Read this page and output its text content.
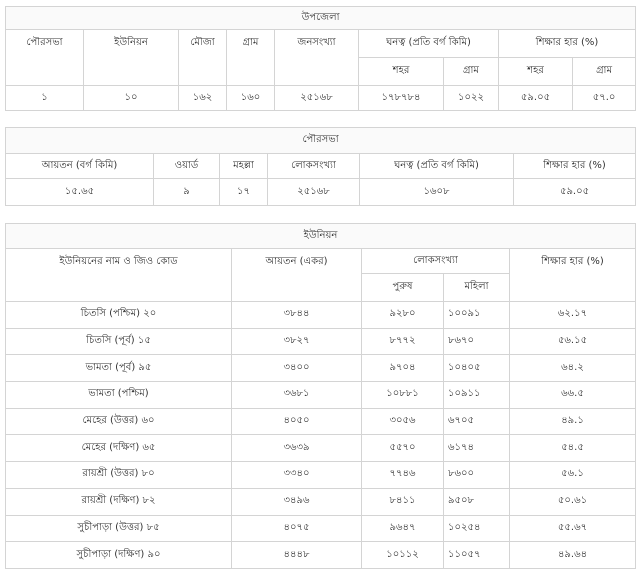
উপজেলা								
পৌরসভা	ইউনিয়ন	মৌজা	গ্রাম	জনসংখ্যা	ঘনত্ব (প্রতি বর্গ কিমি)		শিক্ষার হার (%)	
					শহর	গ্রাম	শহর	গ্রাম
১	১০	১৬২	১৬০	২৫১৬৮	১৭৮৭৮৪	১০২২	৫৯.০৫	৫৭.০
পৌরসভা					
আয়তন (বর্গ কিমি)	ওয়ার্ড	মহল্লা	লোকসংখ্যা	ঘনত্ব (প্রতি বর্গ কিমি)	শিক্ষার হার (%)
১৫.৬৫	৯	১৭	২৫১৬৮	১৬০৮	৫৯.০৫
ইউনিয়ন				
ইউনিয়নের নাম ও জিও কোড	আয়তন (একর)	লোকসংখ্যা		শিক্ষার হার (%)
		পুরুষ	মহিলা	
চিতসি (পশ্চিম) ২০	৩৮৪৪	৯২৮০	১০০৯১	৬২.১৭
চিতসি (পূর্ব) ১৫	৩৮২৭	৮৭৭২	৮৬৭০	৫৬.১৫
ভামতা (পূর্ব) ৯৫	৩৪০০	৯৭০৪	১০৪০৫	৬৪.২
ভামতা (পশ্চিম)	৩৬৮১	১০৮৮১	১০৯১১	৬৬.৫
মেহের (উত্তর) ৬০	৪০৫০	৩০৫৬	৬৭০৫	৪৯.১
মেহের (দক্ষিণ) ৬৫	৩৬৩৯	৫৫৭০	৬১৭৪	৫৪.৫
রায়শ্রী (উত্তর) ৮০	৩৩৪০	৭৭৪৬	৮৬০০	৫৬.১
রায়শ্রী (দক্ষিণ) ৮২	৩৪৯৬	৮৪১১	৯৫০৮	৫০.৬১
সুচীপাড়া (উত্তর) ৮৫	৪০৭৫	৯৬৪৭	১০২৫৪	৫৫.৬৭
সুচীপাড়া (দক্ষিণ) ৯০	৪৪৪৮	১০১১২	১১০৫৭	৪৯.৬৪
